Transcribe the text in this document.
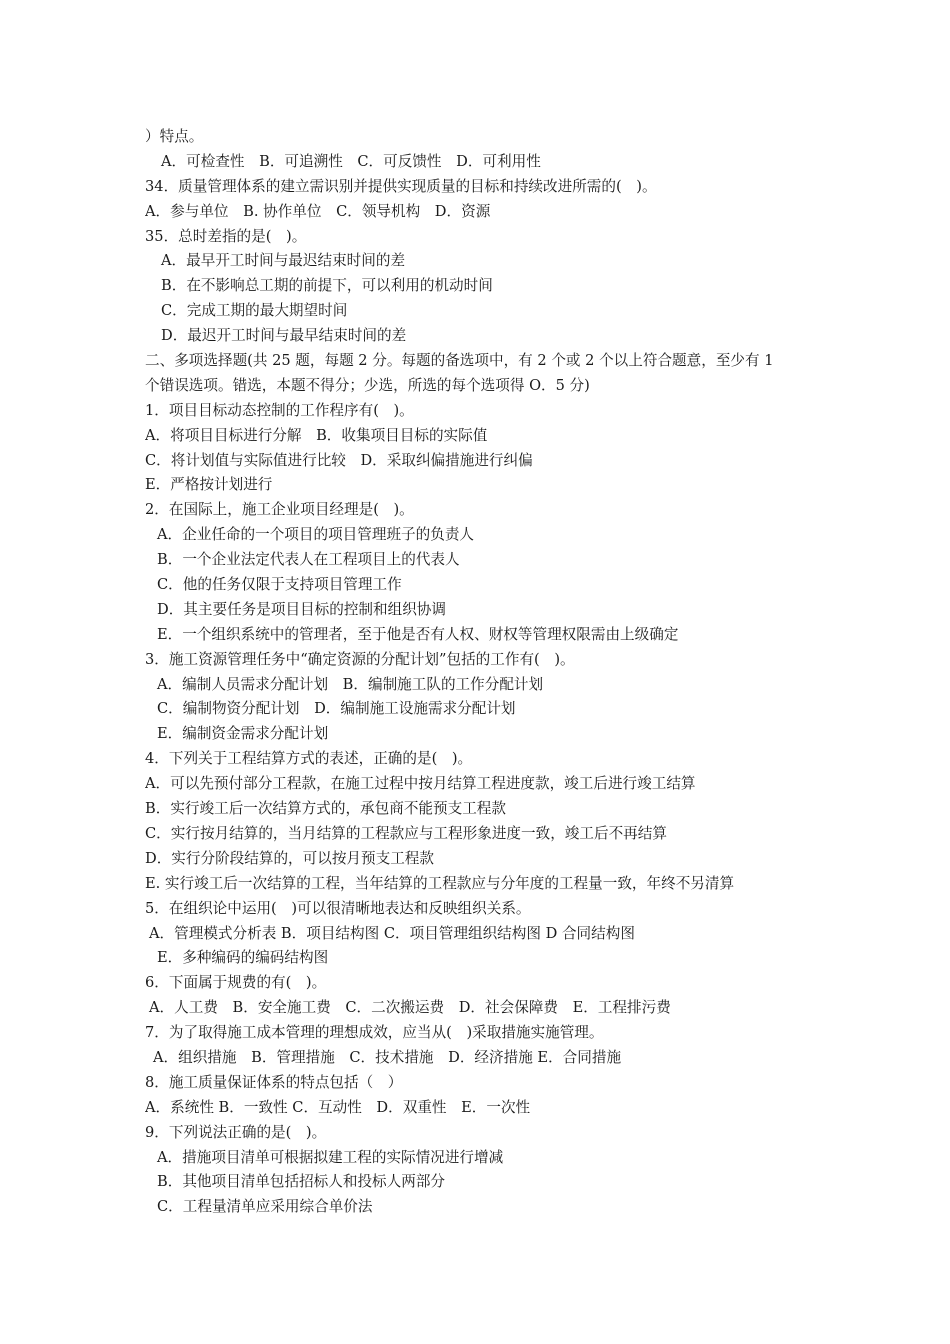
）特点。
A．可检查性　B．可追溯性　C．可反馈性　D．可利用性
34．质量管理体系的建立需识别并提供实现质量的目标和持续改进所需的(　)。
A．参与单位　B. 协作单位　C．领导机构　D．资源
35．总时差指的是(　)。
A．最早开工时间与最迟结束时间的差
B．在不影响总工期的前提下，可以利用的机动时间
C．完成工期的最大期望时间
D．最迟开工时间与最早结束时间的差
二、多项选择题(共 25 题，每题 2 分。每题的备选项中，有 2 个或 2 个以上符合题意，至少有 1
个错误选项。错选，本题不得分；少选，所选的每个选项得 O．5 分)
1．项目目标动态控制的工作程序有(　)。
A．将项目目标进行分解　B．收集项目目标的实际值
C．将计划值与实际值进行比较　D．采取纠偏措施进行纠偏
E．严格按计划进行
2．在国际上，施工企业项目经理是(　)。
A．企业任命的一个项目的项目管理班子的负责人
B．一个企业法定代表人在工程项目上的代表人
C．他的任务仅限于支持项目管理工作
D．其主要任务是项目目标的控制和组织协调
E．一个组织系统中的管理者，至于他是否有人权、财权等管理权限需由上级确定
3．施工资源管理任务中“确定资源的分配计划”包括的工作有(　)。
A．编制人员需求分配计划　B．编制施工队的工作分配计划
C．编制物资分配计划　D．编制施工设施需求分配计划
E．编制资金需求分配计划
4．下列关于工程结算方式的表述，正确的是(　)。
A．可以先预付部分工程款，在施工过程中按月结算工程进度款，竣工后进行竣工结算
B．实行竣工后一次结算方式的，承包商不能预支工程款
C．实行按月结算的，当月结算的工程款应与工程形象进度一致，竣工后不再结算
D．实行分阶段结算的，可以按月预支工程款
E. 实行竣工后一次结算的工程，当年结算的工程款应与分年度的工程量一致，年终不另清算
5．在组织论中运用(　)可以很清晰地表达和反映组织关系。
A．管理模式分析表 B．项目结构图 C．项目管理组织结构图 D 合同结构图
E．多种编码的编码结构图
6．下面属于规费的有(　)。
A．人工费　B．安全施工费　C．二次搬运费　D．社会保障费　E．工程排污费
7．为了取得施工成本管理的理想成效，应当从(　)采取措施实施管理。
A．组织措施　B．管理措施　C．技术措施　D．经济措施 E．合同措施
8．施工质量保证体系的特点包括（　）
A．系统性 B．一致性 C．互动性　D．双重性　E．一次性
9．下列说法正确的是(　)。
A．措施项目清单可根据拟建工程的实际情况进行增减
B．其他项目清单包括招标人和投标人两部分
C．工程量清单应采用综合单价法
